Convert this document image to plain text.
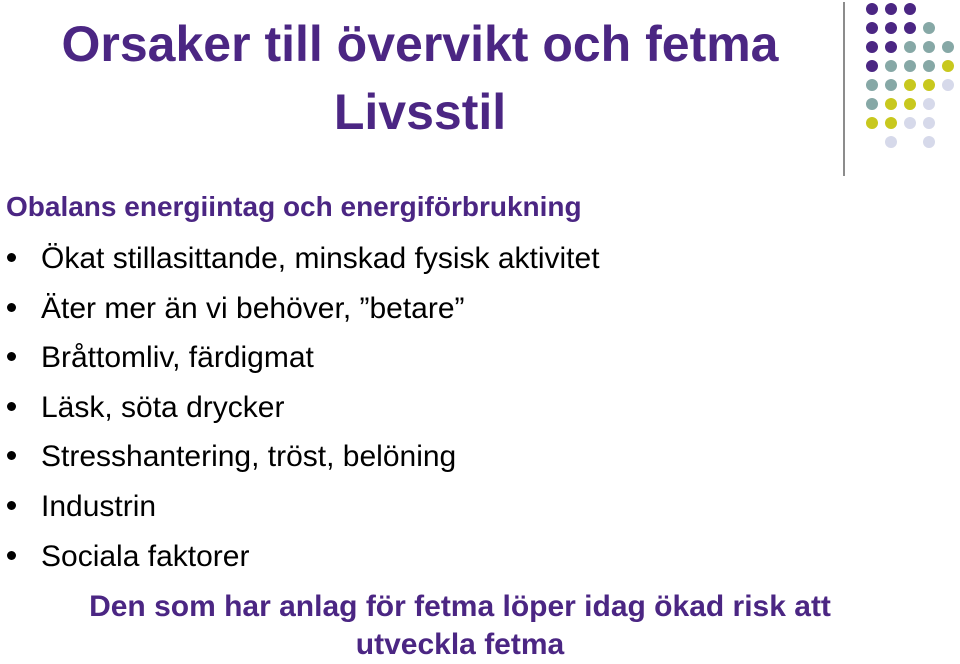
Orsaker till övervikt och fetma
Livsstil
Obalans energiintag och energiförbrukning
Ökat stillasittande, minskad fysisk aktivitet
Äter mer än vi behöver, ”betare”
Bråttomliv, färdigmat
Läsk, söta drycker
Stresshantering, tröst, belöning
Industrin
Sociala faktorer
Den som har anlag för fetma löper idag ökad risk att
utveckla fetma
